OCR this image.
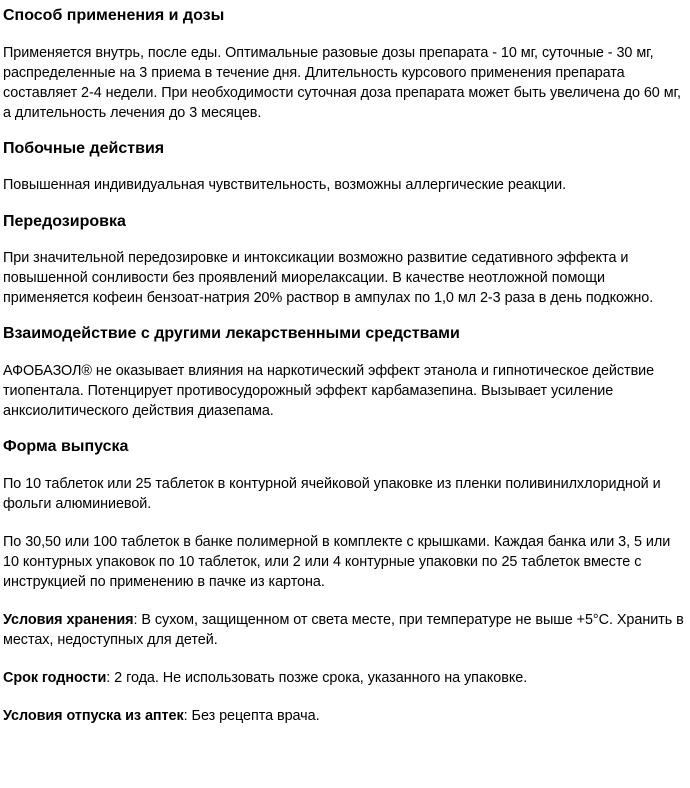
Способ применения и дозы

Применяется внутрь, после еды. Оптимальные разовые дозы препарата - 10 мг, суточные - 30 мг, распределенные на 3 приема в течение дня. Длительность курсового применения препарата составляет 2-4 недели. При необходимости суточная доза препарата может быть увеличена до 60 мг, а длительность лечения до 3 месяцев.

Побочные действия

Повышенная индивидуальная чувствительность, возможны аллергические реакции.

Передозировка

При значительной передозировке и интоксикации возможно развитие седативного эффекта и повышенной сонливости без проявлений миорелаксации. В качестве неотложной помощи применяется кофеин бензоат-натрия 20% раствор в ампулах по 1,0 мл 2-3 раза в день подкожно.

Взаимодействие с другими лекарственными средствами

АФОБАЗОЛ® не оказывает влияния на наркотический эффект этанола и гипнотическое действие тиопентала. Потенцирует противосудорожный эффект карбамазепина. Вызывает усиление анксиолитического действия диазепама.

Форма выпуска

По 10 таблеток или 25 таблеток в контурной ячейковой упаковке из пленки поливинилхлоридной и фольги алюминиевой.

По 30,50 или 100 таблеток в банке полимерной в комплекте с крышками. Каждая банка или 3, 5 или 10 контурных упаковок по 10 таблеток, или 2 или 4 контурные упаковки по 25 таблеток вместе с инструкцией по применению в пачке из картона.

Условия хранения: В сухом, защищенном от света месте, при температуре не выше +5°C. Хранить в местах, недоступных для детей.

Срок годности: 2 года. Не использовать позже срока, указанного на упаковке.

Условия отпуска из аптек: Без рецепта врача.
